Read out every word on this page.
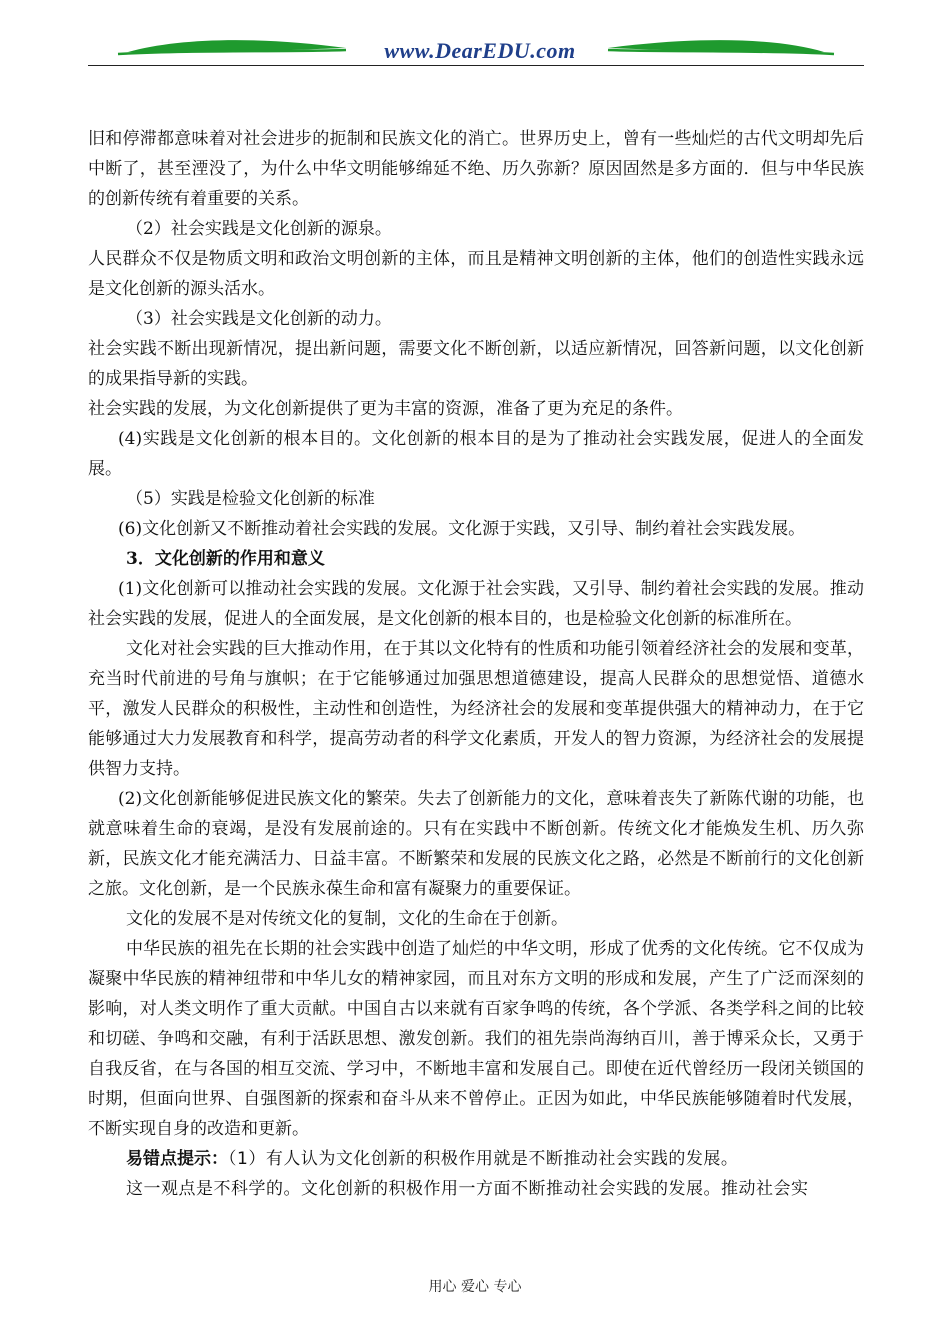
www.DearEDU.com

旧和停滞都意味着对社会进步的扼制和民族文化的消亡。世界历史上，曾有一些灿烂的古代文明却先后中断了，甚至湮没了，为什么中华文明能够绵延不绝、历久弥新？原因固然是多方面的．但与中华民族的创新传统有着重要的关系。

（2）社会实践是文化创新的源泉。

人民群众不仅是物质文明和政治文明创新的主体，而且是精神文明创新的主体，他们的创造性实践永远是文化创新的源头活水。

（3）社会实践是文化创新的动力。

社会实践不断出现新情况，提出新问题，需要文化不断创新，以适应新情况，回答新问题，以文化创新的成果指导新的实践。

社会实践的发展，为文化创新提供了更为丰富的资源，准备了更为充足的条件。

(4)实践是文化创新的根本目的。文化创新的根本目的是为了推动社会实践发展，促进人的全面发展。

（5）实践是检验文化创新的标准

(6)文化创新又不断推动着社会实践的发展。文化源于实践，又引导、制约着社会实践发展。

3．文化创新的作用和意义

(1)文化创新可以推动社会实践的发展。文化源于社会实践，又引导、制约着社会实践的发展。推动社会实践的发展，促进人的全面发展，是文化创新的根本目的，也是检验文化创新的标准所在。

文化对社会实践的巨大推动作用，在于其以文化特有的性质和功能引领着经济社会的发展和变革，充当时代前进的号角与旗帜；在于它能够通过加强思想道德建设，提高人民群众的思想觉悟、道德水平，激发人民群众的积极性，主动性和创造性，为经济社会的发展和变革提供强大的精神动力，在于它能够通过大力发展教育和科学，提高劳动者的科学文化素质，开发人的智力资源，为经济社会的发展提供智力支持。

(2)文化创新能够促进民族文化的繁荣。失去了创新能力的文化，意味着丧失了新陈代谢的功能，也就意味着生命的衰竭，是没有发展前途的。只有在实践中不断创新。传统文化才能焕发生机、历久弥新，民族文化才能充满活力、日益丰富。不断繁荣和发展的民族文化之路，必然是不断前行的文化创新之旅。文化创新，是一个民族永葆生命和富有凝聚力的重要保证。

文化的发展不是对传统文化的复制，文化的生命在于创新。

中华民族的祖先在长期的社会实践中创造了灿烂的中华文明，形成了优秀的文化传统。它不仅成为凝聚中华民族的精神纽带和中华儿女的精神家园，而且对东方文明的形成和发展，产生了广泛而深刻的影响，对人类文明作了重大贡献。中国自古以来就有百家争鸣的传统，各个学派、各类学科之间的比较和切磋、争鸣和交融，有利于活跃思想、激发创新。我们的祖先崇尚海纳百川，善于博采众长，又勇于自我反省，在与各国的相互交流、学习中，不断地丰富和发展自己。即使在近代曾经历一段闭关锁国的时期，但面向世界、自强图新的探索和奋斗从来不曾停止。正因为如此，中华民族能够随着时代发展，不断实现自身的改造和更新。

易错点提示：（1）有人认为文化创新的积极作用就是不断推动社会实践的发展。

这一观点是不科学的。文化创新的积极作用一方面不断推动社会实践的发展。推动社会实

用心 爱心 专心
